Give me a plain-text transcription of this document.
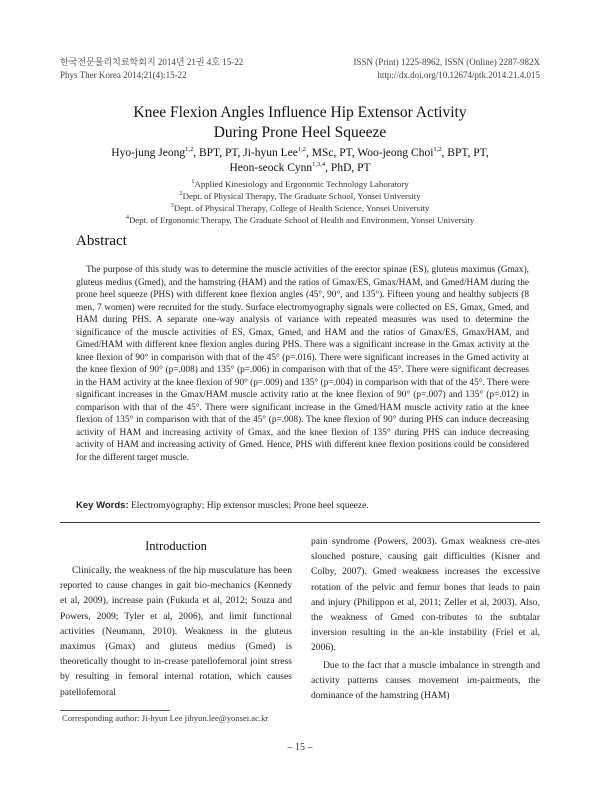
한국전문물리치료학회지 2014년 21권 4호 15-22
Phys Ther Korea 2014;21(4):15-22
ISSN (Print) 1225-8962, ISSN (Online) 2287-982X
http://dx.doi.org/10.12674/ptk.2014.21.4.015
Knee Flexion Angles Influence Hip Extensor Activity
During Prone Heel Squeeze
Hyo-jung Jeong$^{1,2}$, BPT, PT, Ji-hyun Lee$^{1,2}$, MSc, PT, Woo-jeong Choi$^{1,2}$, BPT, PT,
Heon-seock Cynn$^{1,3,4}$, PhD, PT
$^1$Applied Kinesiology and Ergonomic Technology Laboratory
$^2$Dept. of Physical Therapy, The Graduate School, Yonsei University
$^3$Dept. of Physical Therapy, College of Health Science, Yonsei University
$^4$Dept. of Ergonomic Therapy, The Graduate School of Health and Environment, Yonsei University
Abstract
The purpose of this study was to determine the muscle activities of the erector spinae (ES), gluteus maximus (Gmax), gluteus medius (Gmed), and the hamstring (HAM) and the ratios of Gmax/ES, Gmax/HAM, and Gmed/HAM during the prone heel squeeze (PHS) with different knee flexion angles (45°, 90°, and 135°). Fifteen young and healthy subjects (8 men, 7 women) were recruited for the study. Surface electromyography signals were collected on ES, Gmax, Gmed, and HAM during PHS. A separate one-way analysis of variance with repeated measures was used to determine the significance of the muscle activities of ES, Gmax, Gmed, and HAM and the ratios of Gmax/ES, Gmax/HAM, and Gmed/HAM with different knee flexion angles during PHS. There was a significant increase in the Gmax activity at the knee flexion of 90° in comparison with that of the 45° (p=.016). There were significant increases in the Gmed activity at the knee flexion of 90° (p=.008) and 135° (p=.006) in comparison with that of the 45°. There were significant decreases in the HAM activity at the knee flexion of 90° (p=.009) and 135° (p=.004) in comparison with that of the 45°. There were significant increases in the Gmax/HAM muscle activity ratio at the knee flexion of 90° (p=.007) and 135° (p=.012) in comparison with that of the 45°. There were significant increase in the Gmed/HAM muscle activity ratio at the knee flexion of 135° in comparison with that of the 45° (p=.008). The knee flexion of 90° during PHS can induce decreasing activity of HAM and increasing activity of Gmax, and the knee flexion of 135° during PHS can induce decreasing activity of HAM and increasing activity of Gmed. Hence, PHS with different knee flexion positions could be considered for the different target muscle.
Key Words: Electromyography; Hip extensor muscles; Prone heel squeeze.
Introduction

Clinically, the weakness of the hip musculature has been reported to cause changes in gait bio-mechanics (Kennedy et al, 2009), increase pain (Fukuda et al, 2012; Souza and Powers, 2009; Tyler et al, 2006), and limit functional activities (Neumann, 2010). Weakness in the gluteus maximus (Gmax) and gluteus medius (Gmed) is theoretically thought to in-crease patellofemoral joint stress by resulting in femoral internal rotation, which causes patellofemoral

pain syndrome (Powers, 2003). Gmax weakness cre-ates slouched posture, causing gait difficulties (Kisner and Colby, 2007). Gmed weakness increases the excessive rotation of the pelvic and femur bones that leads to pain and injury (Philippon et al, 2011; Zeller et al, 2003). Also, the weakness of Gmed con-tributes to the subtalar inversion resulting in the an-kle instability (Friel et al, 2006).

Due to the fact that a muscle imbalance in strength and activity patterns causes movement im-pairments, the dominance of the hamstring (HAM)

Corresponding author: Ji-hyun Lee jihyun.lee@yonsei.ac.kr
– 15 –
